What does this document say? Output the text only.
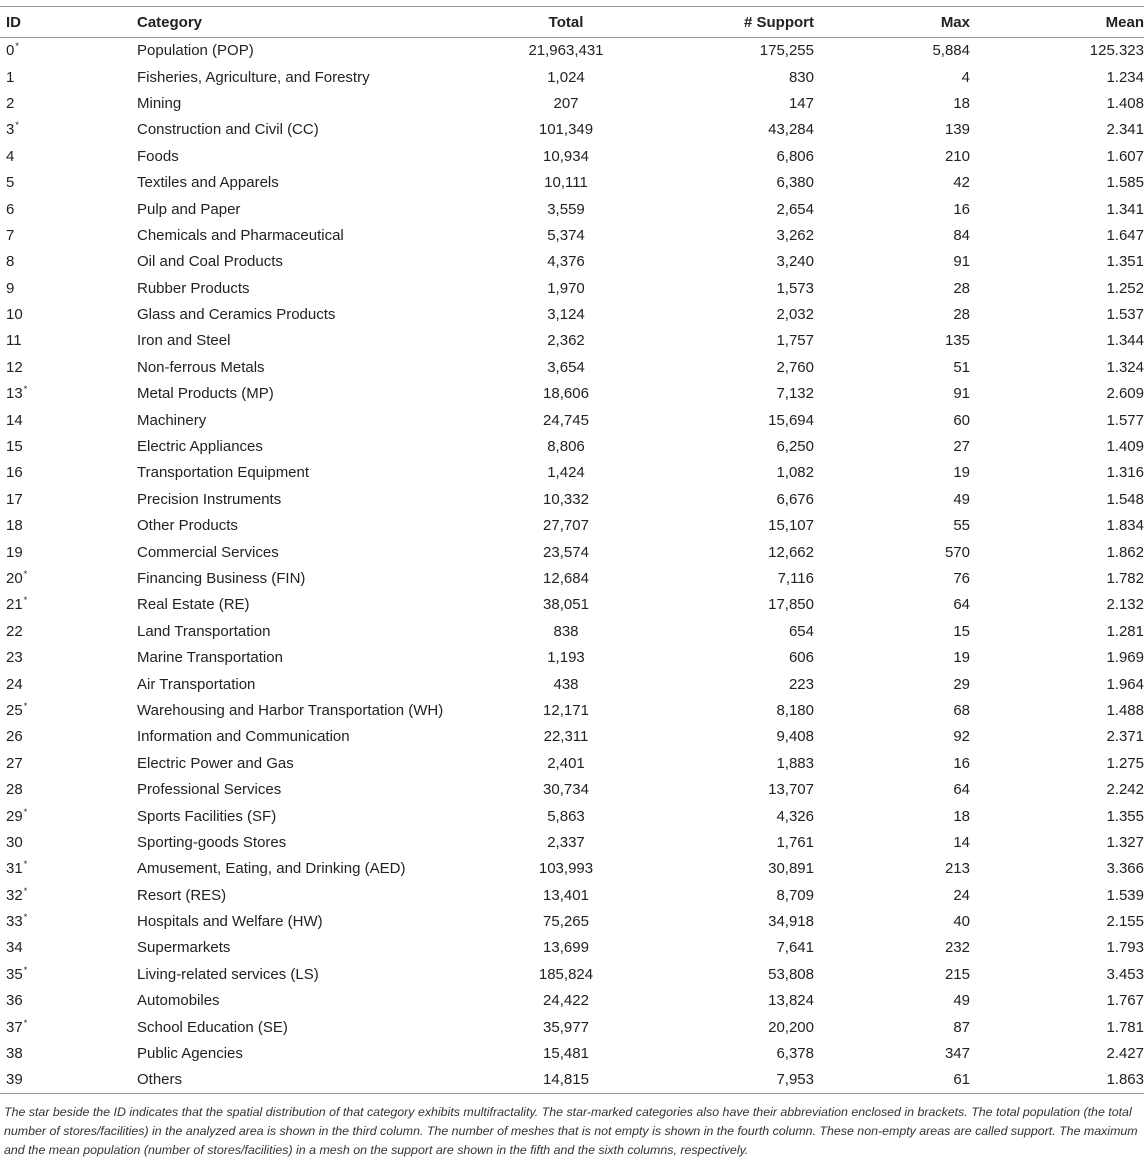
ID	Category	Total	# Support	Max	Mean
0*	Population (POP)	21,963,431	175,255	5,884	125.323
1	Fisheries, Agriculture, and Forestry	1,024	830	4	1.234
2	Mining	207	147	18	1.408
3*	Construction and Civil (CC)	101,349	43,284	139	2.341
4	Foods	10,934	6,806	210	1.607
5	Textiles and Apparels	10,111	6,380	42	1.585
6	Pulp and Paper	3,559	2,654	16	1.341
7	Chemicals and Pharmaceutical	5,374	3,262	84	1.647
8	Oil and Coal Products	4,376	3,240	91	1.351
9	Rubber Products	1,970	1,573	28	1.252
10	Glass and Ceramics Products	3,124	2,032	28	1.537
11	Iron and Steel	2,362	1,757	135	1.344
12	Non-ferrous Metals	3,654	2,760	51	1.324
13*	Metal Products (MP)	18,606	7,132	91	2.609
14	Machinery	24,745	15,694	60	1.577
15	Electric Appliances	8,806	6,250	27	1.409
16	Transportation Equipment	1,424	1,082	19	1.316
17	Precision Instruments	10,332	6,676	49	1.548
18	Other Products	27,707	15,107	55	1.834
19	Commercial Services	23,574	12,662	570	1.862
20*	Financing Business (FIN)	12,684	7,116	76	1.782
21*	Real Estate (RE)	38,051	17,850	64	2.132
22	Land Transportation	838	654	15	1.281
23	Marine Transportation	1,193	606	19	1.969
24	Air Transportation	438	223	29	1.964
25*	Warehousing and Harbor Transportation (WH)	12,171	8,180	68	1.488
26	Information and Communication	22,311	9,408	92	2.371
27	Electric Power and Gas	2,401	1,883	16	1.275
28	Professional Services	30,734	13,707	64	2.242
29*	Sports Facilities (SF)	5,863	4,326	18	1.355
30	Sporting-goods Stores	2,337	1,761	14	1.327
31*	Amusement, Eating, and Drinking (AED)	103,993	30,891	213	3.366
32*	Resort (RES)	13,401	8,709	24	1.539
33*	Hospitals and Welfare (HW)	75,265	34,918	40	2.155
34	Supermarkets	13,699	7,641	232	1.793
35*	Living-related services (LS)	185,824	53,808	215	3.453
36	Automobiles	24,422	13,824	49	1.767
37*	School Education (SE)	35,977	20,200	87	1.781
38	Public Agencies	15,481	6,378	347	2.427
39	Others	14,815	7,953	61	1.863

The star beside the ID indicates that the spatial distribution of that category exhibits multifractality. The star-marked categories also have their abbreviation enclosed in brackets. The total population (the total number of stores/facilities) in the analyzed area is shown in the third column. The number of meshes that is not empty is shown in the fourth column. These non-empty areas are called support. The maximum and the mean population (number of stores/facilities) in a mesh on the support are shown in the fifth and the sixth columns, respectively.
